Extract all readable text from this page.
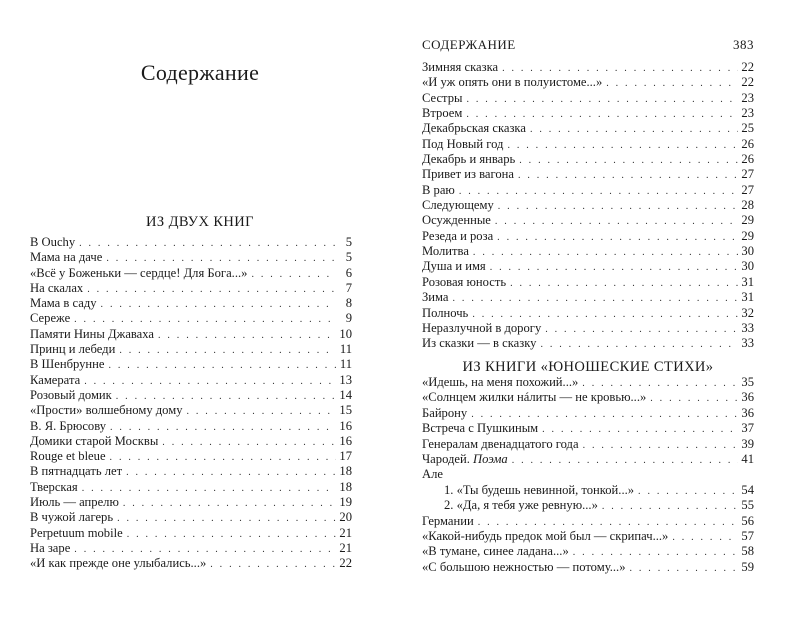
Содержание
ИЗ ДВУХ КНИГ
В Ouchy . . .	5
Мама на даче . . .	5
«Всё у Боженьки — сердце! Для Бога...» . . .	6
На скалах . . .	7
Мама в саду . . .	8
Сереже . . .	9
Памяти Нины Джаваха . . .	10
Принц и лебеди . . .	11
В Шенбрунне . . .	11
Камерата . . .	13
Розовый домик . . .	14
«Прости» волшебному дому . . .	15
В. Я. Брюсову . . .	16
Домики старой Москвы . . .	16
Rouge et bleue . . .	17
В пятнадцать лет . . .	18
Тверская . . .	18
Июль — апрелю . . .	19
В чужой лагерь . . .	20
Perpetuum mobile . . .	21
На заре . . .	21
«И как прежде оне улыбались...» . . .	22
СОДЕРЖАНИЕ	383
Зимняя сказка . . .	22
«И уж опять они в полуистоме...» . . .	22
Сестры . . .	23
Втроем . . .	23
Декабрьская сказка . . .	25
Под Новый год . . .	26
Декабрь и январь . . .	26
Привет из вагона . . .	27
В раю . . .	27
Следующему . . .	28
Осужденные . . .	29
Резеда и роза . . .	29
Молитва . . .	30
Душа и имя . . .	30
Розовая юность . . .	31
Зима . . .	31
Полночь . . .	32
Неразлучной в дорогу . . .	33
Из сказки — в сказку . . .	33
ИЗ КНИГИ «ЮНОШЕСКИЕ СТИХИ»
«Идешь, на меня похожий...» . . .	35
«Солнцем жилки нáлиты — не кровью...» . . .	36
Байрону . . .	36
Встреча с Пушкиным . . .	37
Генералам двенадцатого года . . .	39
Чародей. Поэма . . .	41
Але
1. «Ты будешь невинной, тонкой...» . . .	54
2. «Да, я тебя уже ревную...» . . .	55
Германии . . .	56
«Какой-нибудь предок мой был — скрипач...» . . .	57
«В тумане, синее ладана...» . . .	58
«С большою нежностью — потому...» . . .	59
